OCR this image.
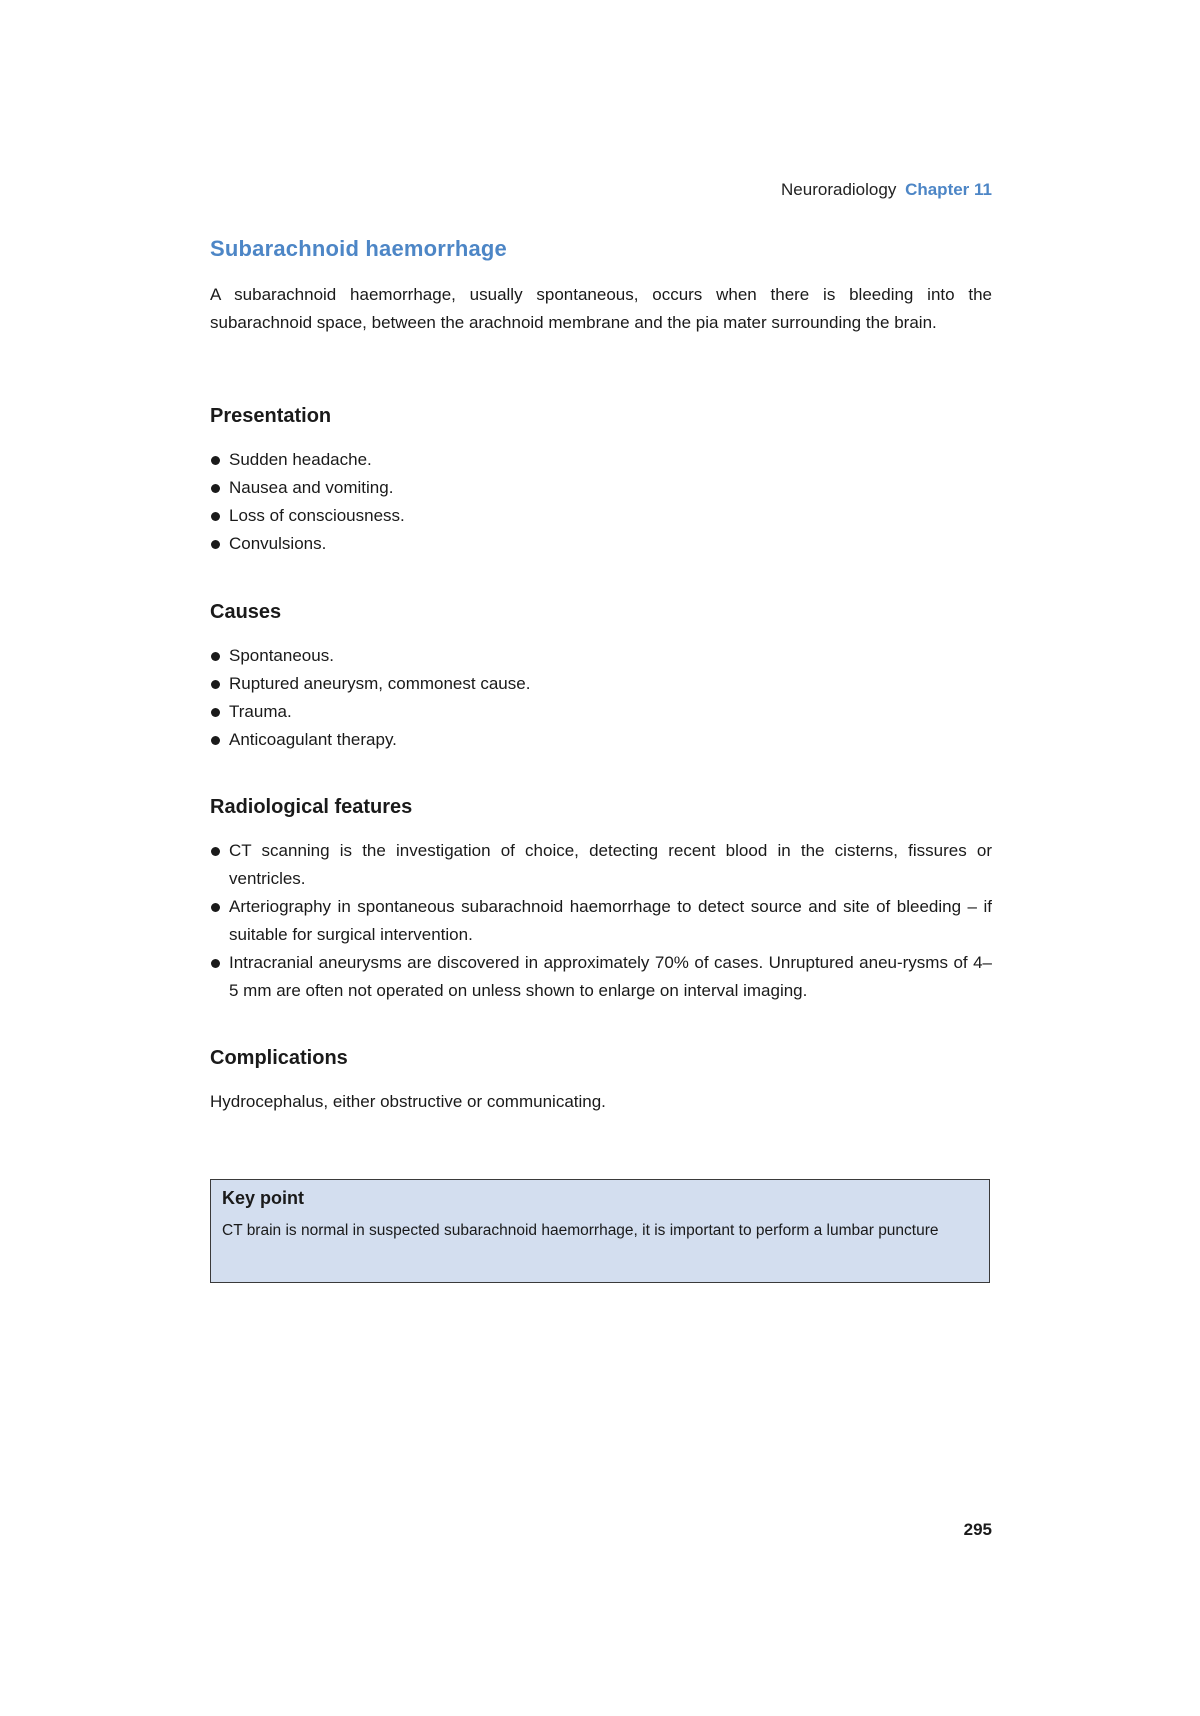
Neuroradiology Chapter 11
Subarachnoid haemorrhage

A subarachnoid haemorrhage, usually spontaneous, occurs when there is bleeding into the subarachnoid space, between the arachnoid membrane and the pia mater surrounding the brain.

Presentation
Sudden headache.
Nausea and vomiting.
Loss of consciousness.
Convulsions.
Causes
Spontaneous.
Ruptured aneurysm, commonest cause.
Trauma.
Anticoagulant therapy.
Radiological features
CT scanning is the investigation of choice, detecting recent blood in the cisterns, fissures or ventricles.
Arteriography in spontaneous subarachnoid haemorrhage to detect source and site of bleeding – if suitable for surgical intervention.
Intracranial aneurysms are discovered in approximately 70% of cases. Unruptured aneu-rysms of 4–5 mm are often not operated on unless shown to enlarge on interval imaging.
Complications

Hydrocephalus, either obstructive or communicating.

Key point

CT brain is normal in suspected subarachnoid haemorrhage, it is important to perform a lumbar puncture

295
